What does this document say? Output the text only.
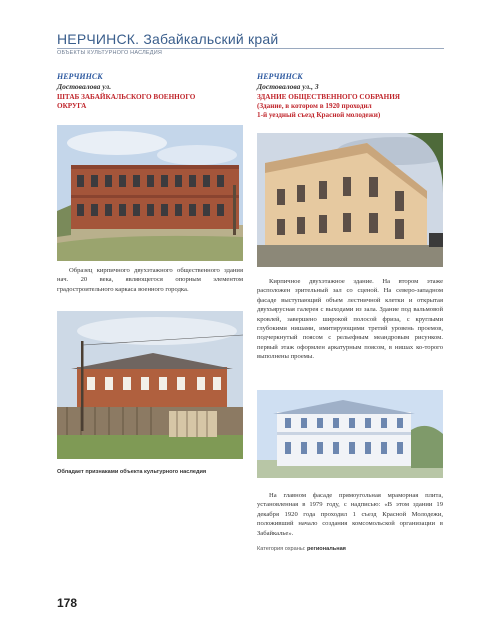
НЕРЧИНСК. Забайкальский край
ОБЪЕКТЫ КУЛЬТУРНОГО НАСЛЕДИЯ
НЕРЧИНСК
Достовалова ул.
ШТАБ ЗАБАЙКАЛЬСКОГО ВОЕННОГО
ОКРУГА
Образец кирпичного двухэтажного общественного здания нач. 20 века, являющегося опорным элементом градостроительного каркаса военного городка.
Обладает признаками объекта культурного наследия
НЕРЧИНСК
Достовалова ул., 3
ЗДАНИЕ ОБЩЕСТВЕННОГО СОБРАНИЯ
(Здание, в котором в 1920 проходил
1-й уездный съезд Красной молодежи)
Кирпичное двухэтажное здание. На втором этаже расположен зрительный зал со сценой. На северо-западном фасаде выступающий объем лестничной клетки и открытая двухъярусная галерея с выходами из зала. Здание под вальмовой кровлей, завершено широкой полосой фриза, с круглыми глубокими нишами, имитирующими третий уровень проемов, подчеркнутый поясом с рельефным меандровым рисунком. первый этаж оформлен аркатурным поясом, в нишах ко-торого выполнены проемы.
На главном фасаде прямоугольная мраморная плита, установленная в 1979 году, с надписью: «В этом здании 19 декабря 1920 года проходил 1 съезд Красной Молодежи, положивший начало создания комсомольской организации в Забайкалье».
Категория охраны: региональная
178
